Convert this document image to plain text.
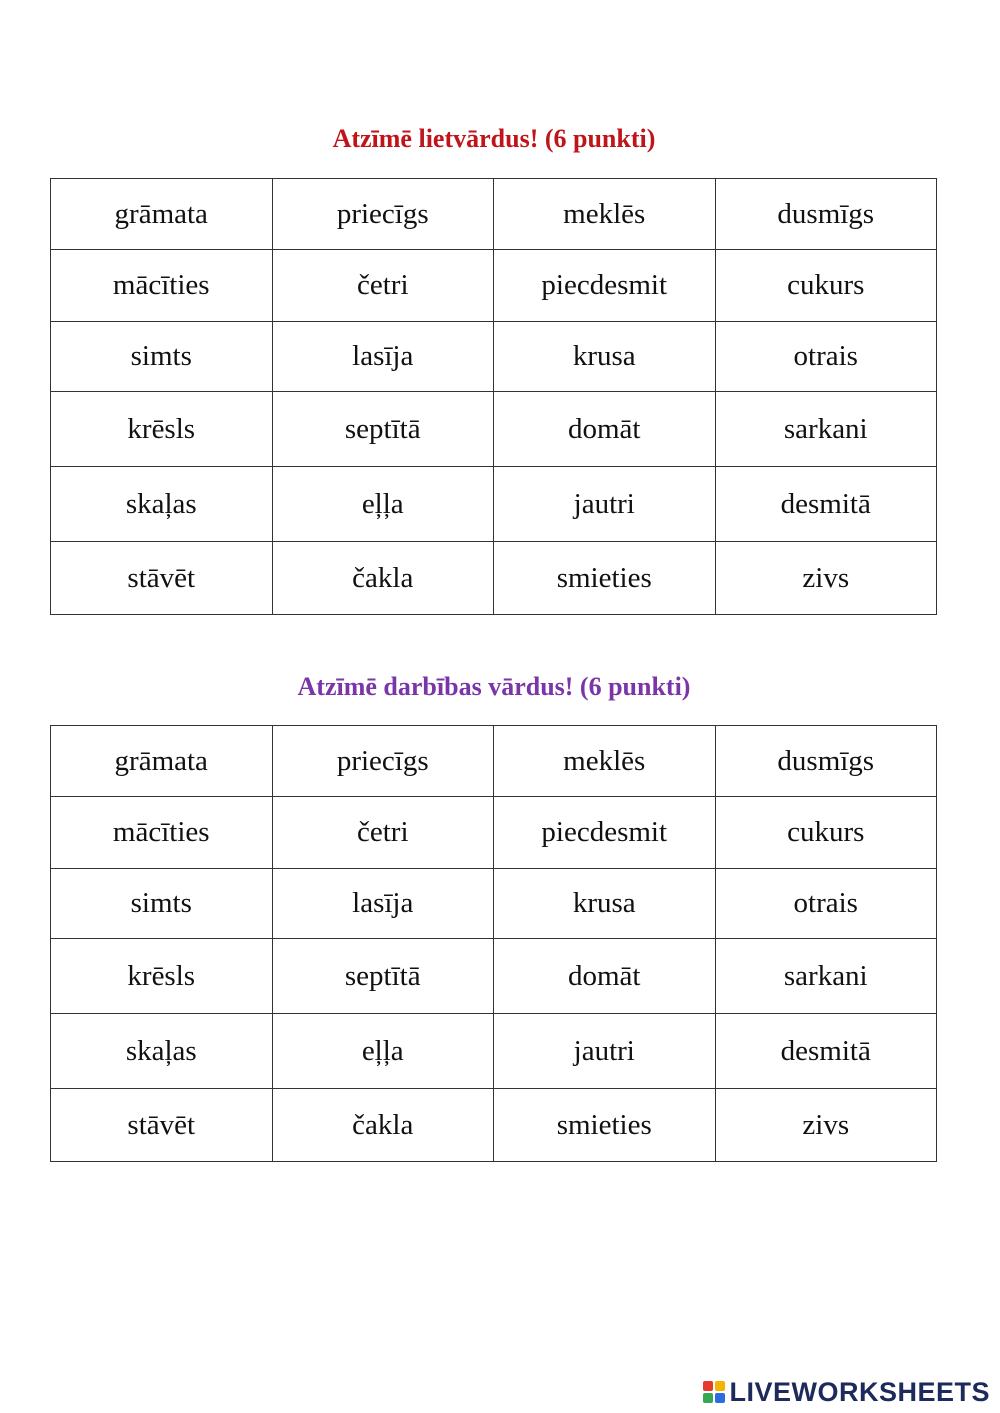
Atzīmē lietvārdus! (6 punkti)
grāmata	priecīgs	meklēs	dusmīgs
mācīties	četri	piecdesmit	cukurs
simts	lasīja	krusa	otrais
krēsls	septītā	domāt	sarkani
skaļas	eļļa	jautri	desmitā
stāvēt	čakla	smieties	zivs
Atzīmē darbības vārdus! (6 punkti)
grāmata	priecīgs	meklēs	dusmīgs
mācīties	četri	piecdesmit	cukurs
simts	lasīja	krusa	otrais
krēsls	septītā	domāt	sarkani
skaļas	eļļa	jautri	desmitā
stāvēt	čakla	smieties	zivs
LIVEWORKSHEETS
